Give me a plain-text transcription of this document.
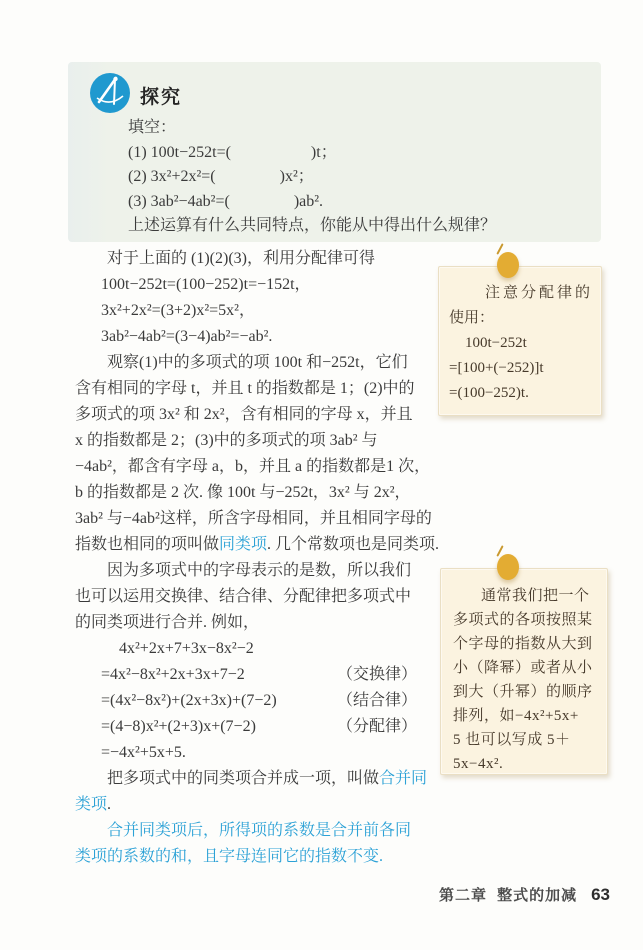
探究
填空：
(1) 100t−252t=(　　　　　)t；
(2) 3x²+2x²=(　　　　)x²；
(3) 3ab²−4ab²=(　　　　)ab².
上述运算有什么共同特点，你能从中得出什么规律？
对于上面的 (1)(2)(3)，利用分配律可得
100t−252t=(100−252)t=−152t，
3x²+2x²=(3+2)x²=5x²，
3ab²−4ab²=(3−4)ab²=−ab².
观察(1)中的多项式的项 100t 和−252t，它们
含有相同的字母 t，并且 t 的指数都是 1；(2)中的
多项式的项 3x² 和 2x²，含有相同的字母 x，并且
x 的指数都是 2；(3)中的多项式的项 3ab² 与
−4ab²，都含有字母 a，b，并且 a 的指数都是1 次，
b 的指数都是 2 次. 像 100t 与−252t，3x² 与 2x²，
3ab² 与−4ab²这样，所含字母相同，并且相同字母的
指数也相同的项叫做同类项. 几个常数项也是同类项.
因为多项式中的字母表示的是数，所以我们
也可以运用交换律、结合律、分配律把多项式中
的同类项进行合并. 例如，
4x²+2x+7+3x−8x²−2
=4x²−8x²+2x+3x+7−2	（交换律）
=(4x²−8x²)+(2x+3x)+(7−2)	（结合律）
=(4−8)x²+(2+3)x+(7−2)	（分配律）
=−4x²+5x+5.
把多项式中的同类项合并成一项，叫做合并同
类项.
合并同类项后，所得项的系数是合并前各同
类项的系数的和，且字母连同它的指数不变.
注意分配律的
使用：
100t−252t
=[100+(−252)]t
=(100−252)t.
通常我们把一个
多项式的各项按照某
个字母的指数从大到
小（降幂）或者从小
到大（升幂）的顺序
排列，如−4x²+5x+
5 也可以写成 5＋
5x−4x².
第二章 整式的加减 63
